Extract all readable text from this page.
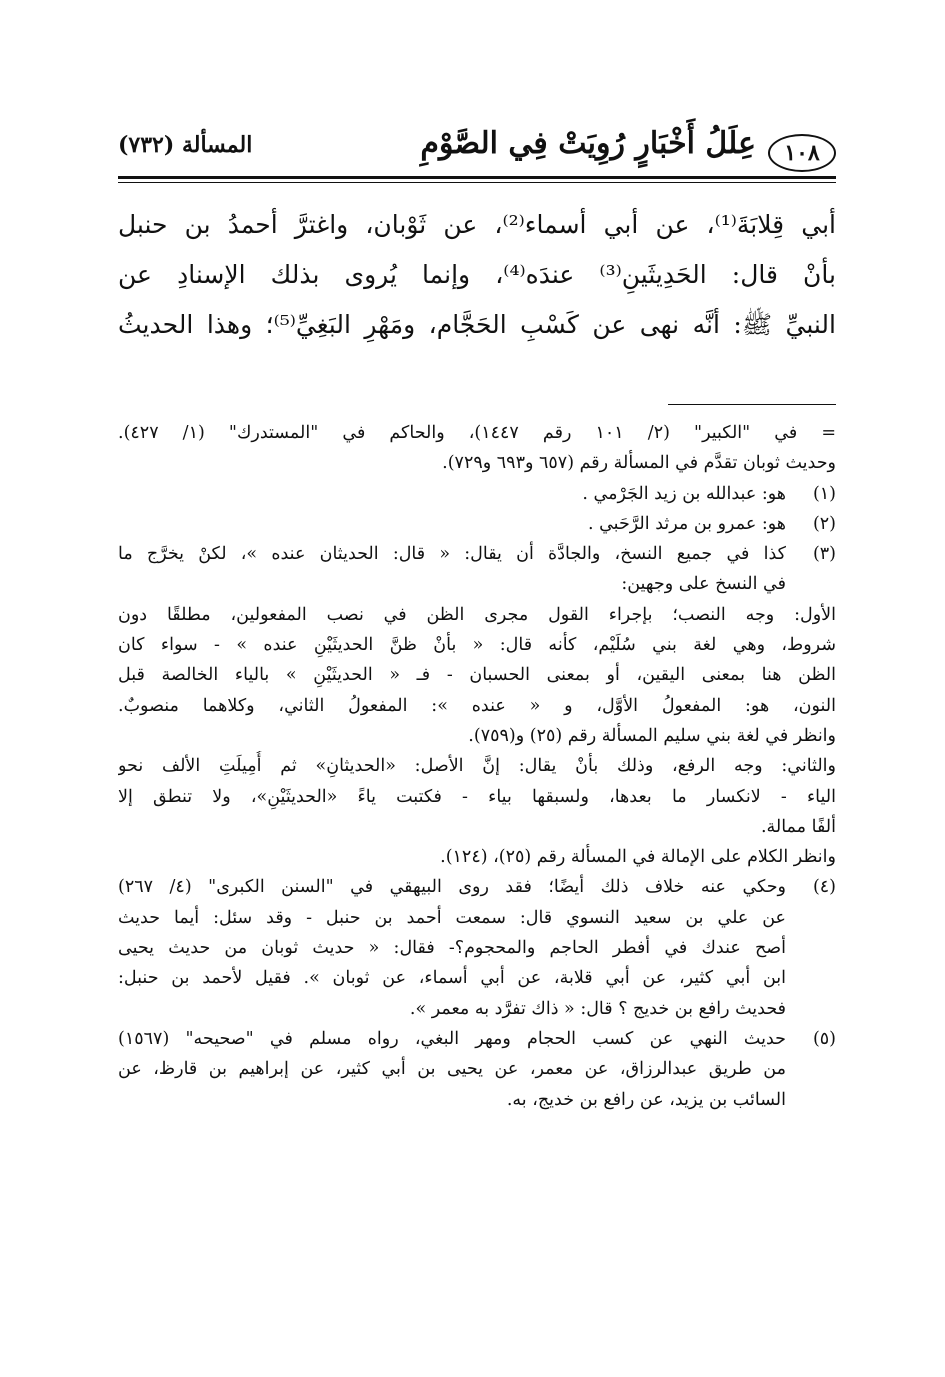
١٠٨
عِلَلُ أَخْبَارٍ رُوِيَتْ فِي الصَّوْمِ
المسألة (٧٣٢)

أبي قِلابَةَ⁽¹⁾، عن أبي أسماء⁽²⁾، عن ثَوْبان، واغترَّ أحمدُ بن حنبل

بأنْ قال: الحَدِيثَينِ⁽³⁾ عندَه⁽⁴⁾، وإنما يُروى بذلك الإسنادِ عن

النبيِّ ﷺ: أنَّه نهى عن كَسْبِ الحَجَّام، ومَهْرِ البَغِيِّ⁽⁵⁾؛ وهذا الحديثُ

= في "الكبير" (٢/ ١٠١ رقم ١٤٤٧)، والحاكم في "المستدرك" (١/ ٤٢٧).
وحديث ثوبان تقدَّم في المسألة رقم (٦٥٧ و٦٩٣ و٧٢٩).
(١)
هو: عبدالله بن زيد الجَرْمي .
(٢)
هو: عمرو بن مرثد الرَّحَبي .
(٣)
كذا في جميع النسخ، والجادَّة أن يقال: « قال: الحديثان عنده »، لكنْ يخرَّج ما
في النسخ على وجهين:
الأول: وجه النصب؛ بإجراء القول مجرى الظن في نصب المفعولين، مطلقًا دون
شروط، وهي لغة بني سُلَيْم، كأنه قال: « بأنْ ظنَّ الحديثَيْنِ عنده » - سواء كان
الظن هنا بمعنى اليقين، أو بمعنى الحسبان - فـ « الحديثَيْنِ » بالياء الخالصة قبل
النون، هو: المفعولُ الأوَّل، و « عنده »: المفعولُ الثاني، وكلاهما منصوبٌ.
وانظر في لغة بني سليم المسألة رقم (٢٥) و(٧٥٩).
والثاني: وجه الرفع، وذلك بأنْ يقال: إنَّ الأصل: «الحديثانِ» ثم أُمِيلَتِ الألف نحو
الياء - لانكسار ما بعدها، ولسبقها بياء - فكتبت ياءً «الحديثَيْنِ»، ولا تنطق إلا
ألفًا ممالة.
وانظر الكلام على الإمالة في المسألة رقم (٢٥)، (١٢٤).
(٤)
وحكي عنه خلاف ذلك أيضًا؛ فقد روى البيهقي في "السنن الكبرى" (٤/ ٢٦٧)
عن علي بن سعيد النسوي قال: سمعت أحمد بن حنبل - وقد سئل: أيما حديث
أصح عندك في أفطر الحاجم والمحجوم؟- فقال: « حديث ثوبان من حديث يحيى
ابن أبي كثير، عن أبي قلابة، عن أبي أسماء، عن ثوبان ». فقيل لأحمد بن حنبل:
فحديث رافع بن خديج ؟ قال: « ذاك تفرَّد به معمر ».
(٥)
حديث النهي عن كسب الحجام ومهر البغي، رواه مسلم في "صحيحه" (١٥٦٧)
من طريق عبدالرزاق، عن معمر، عن يحيى بن أبي كثير، عن إبراهيم بن قارظ، عن
السائب بن يزيد، عن رافع بن خديج، به.
